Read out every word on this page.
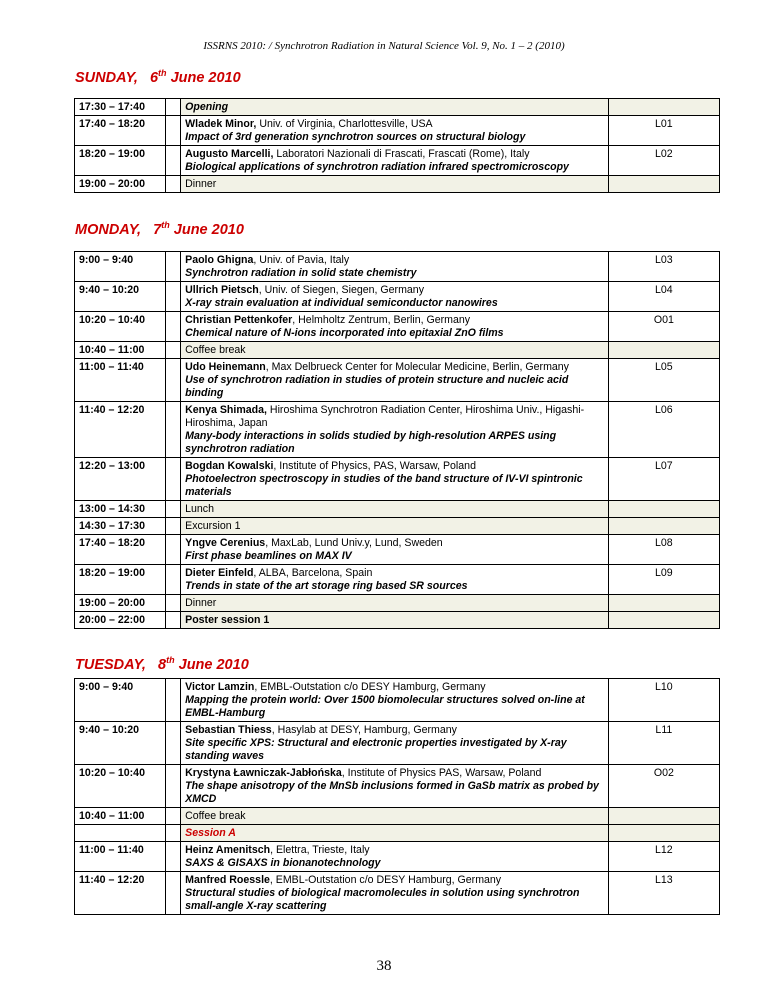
ISSRNS 2010: / Synchrotron Radiation in Natural Science Vol. 9, No. 1 – 2 (2010)
SUNDAY, 6th June 2010
17:30 – 17:40		Opening	
17:40 – 18:20		Wladek Minor, Univ. of Virginia, Charlottesville, USA
Impact of 3rd generation synchrotron sources on structural biology	L01
18:20 – 19:00		Augusto Marcelli, Laboratori Nazionali di Frascati, Frascati (Rome), Italy
Biological applications of synchrotron radiation infrared spectromicroscopy	L02
19:00 – 20:00		Dinner	
MONDAY, 7th June 2010
9:00 – 9:40		Paolo Ghigna, Univ. of Pavia, Italy
Synchrotron radiation in solid state chemistry	L03
9:40 – 10:20		Ullrich Pietsch, Univ. of Siegen, Siegen, Germany
X-ray strain evaluation at individual semiconductor nanowires	L04
10:20 – 10:40		Christian Pettenkofer, Helmholtz Zentrum, Berlin, Germany
Chemical nature of N-ions incorporated into epitaxial ZnO films	O01
10:40 – 11:00		Coffee break	
11:00 – 11:40		Udo Heinemann, Max Delbrueck Center for Molecular Medicine, Berlin, Germany
Use of synchrotron radiation in studies of protein structure and nucleic acid binding	L05
11:40 – 12:20		Kenya Shimada, Hiroshima Synchrotron Radiation Center, Hiroshima Univ., Higashi-Hiroshima, Japan
Many-body interactions in solids studied by high-resolution ARPES using synchrotron radiation	L06
12:20 – 13:00		Bogdan Kowalski, Institute of Physics, PAS, Warsaw, Poland
Photoelectron spectroscopy in studies of the band structure of IV-VI spintronic materials	L07
13:00 – 14:30		Lunch	
14:30 – 17:30		Excursion 1	
17:40 – 18:20		Yngve Cerenius, MaxLab, Lund Univ.y, Lund, Sweden
First phase beamlines on MAX IV	L08
18:20 – 19:00		Dieter Einfeld, ALBA, Barcelona, Spain
Trends in state of the art storage ring based SR sources	L09
19:00 – 20:00		Dinner	
20:00 – 22:00		Poster session 1	
TUESDAY, 8th June 2010
9:00 – 9:40		Victor Lamzin, EMBL-Outstation c/o DESY Hamburg, Germany
Mapping the protein world: Over 1500 biomolecular structures solved on-line at EMBL-Hamburg	L10
9:40 – 10:20		Sebastian Thiess, Hasylab at DESY, Hamburg, Germany
Site specific XPS: Structural and electronic properties investigated by X-ray standing waves	L11
10:20 – 10:40		Krystyna Ławniczak-Jabłońska, Institute of Physics PAS, Warsaw, Poland
The shape anisotropy of the MnSb inclusions formed in GaSb matrix as probed by XMCD	O02
10:40 – 11:00		Coffee break	
		Session A	
11:00 – 11:40		Heinz Amenitsch, Elettra, Trieste, Italy
SAXS & GISAXS in bionanotechnology	L12
11:40 – 12:20		Manfred Roessle, EMBL-Outstation c/o DESY Hamburg, Germany
Structural studies of biological macromolecules in solution using synchrotron small-angle X-ray scattering	L13
38
